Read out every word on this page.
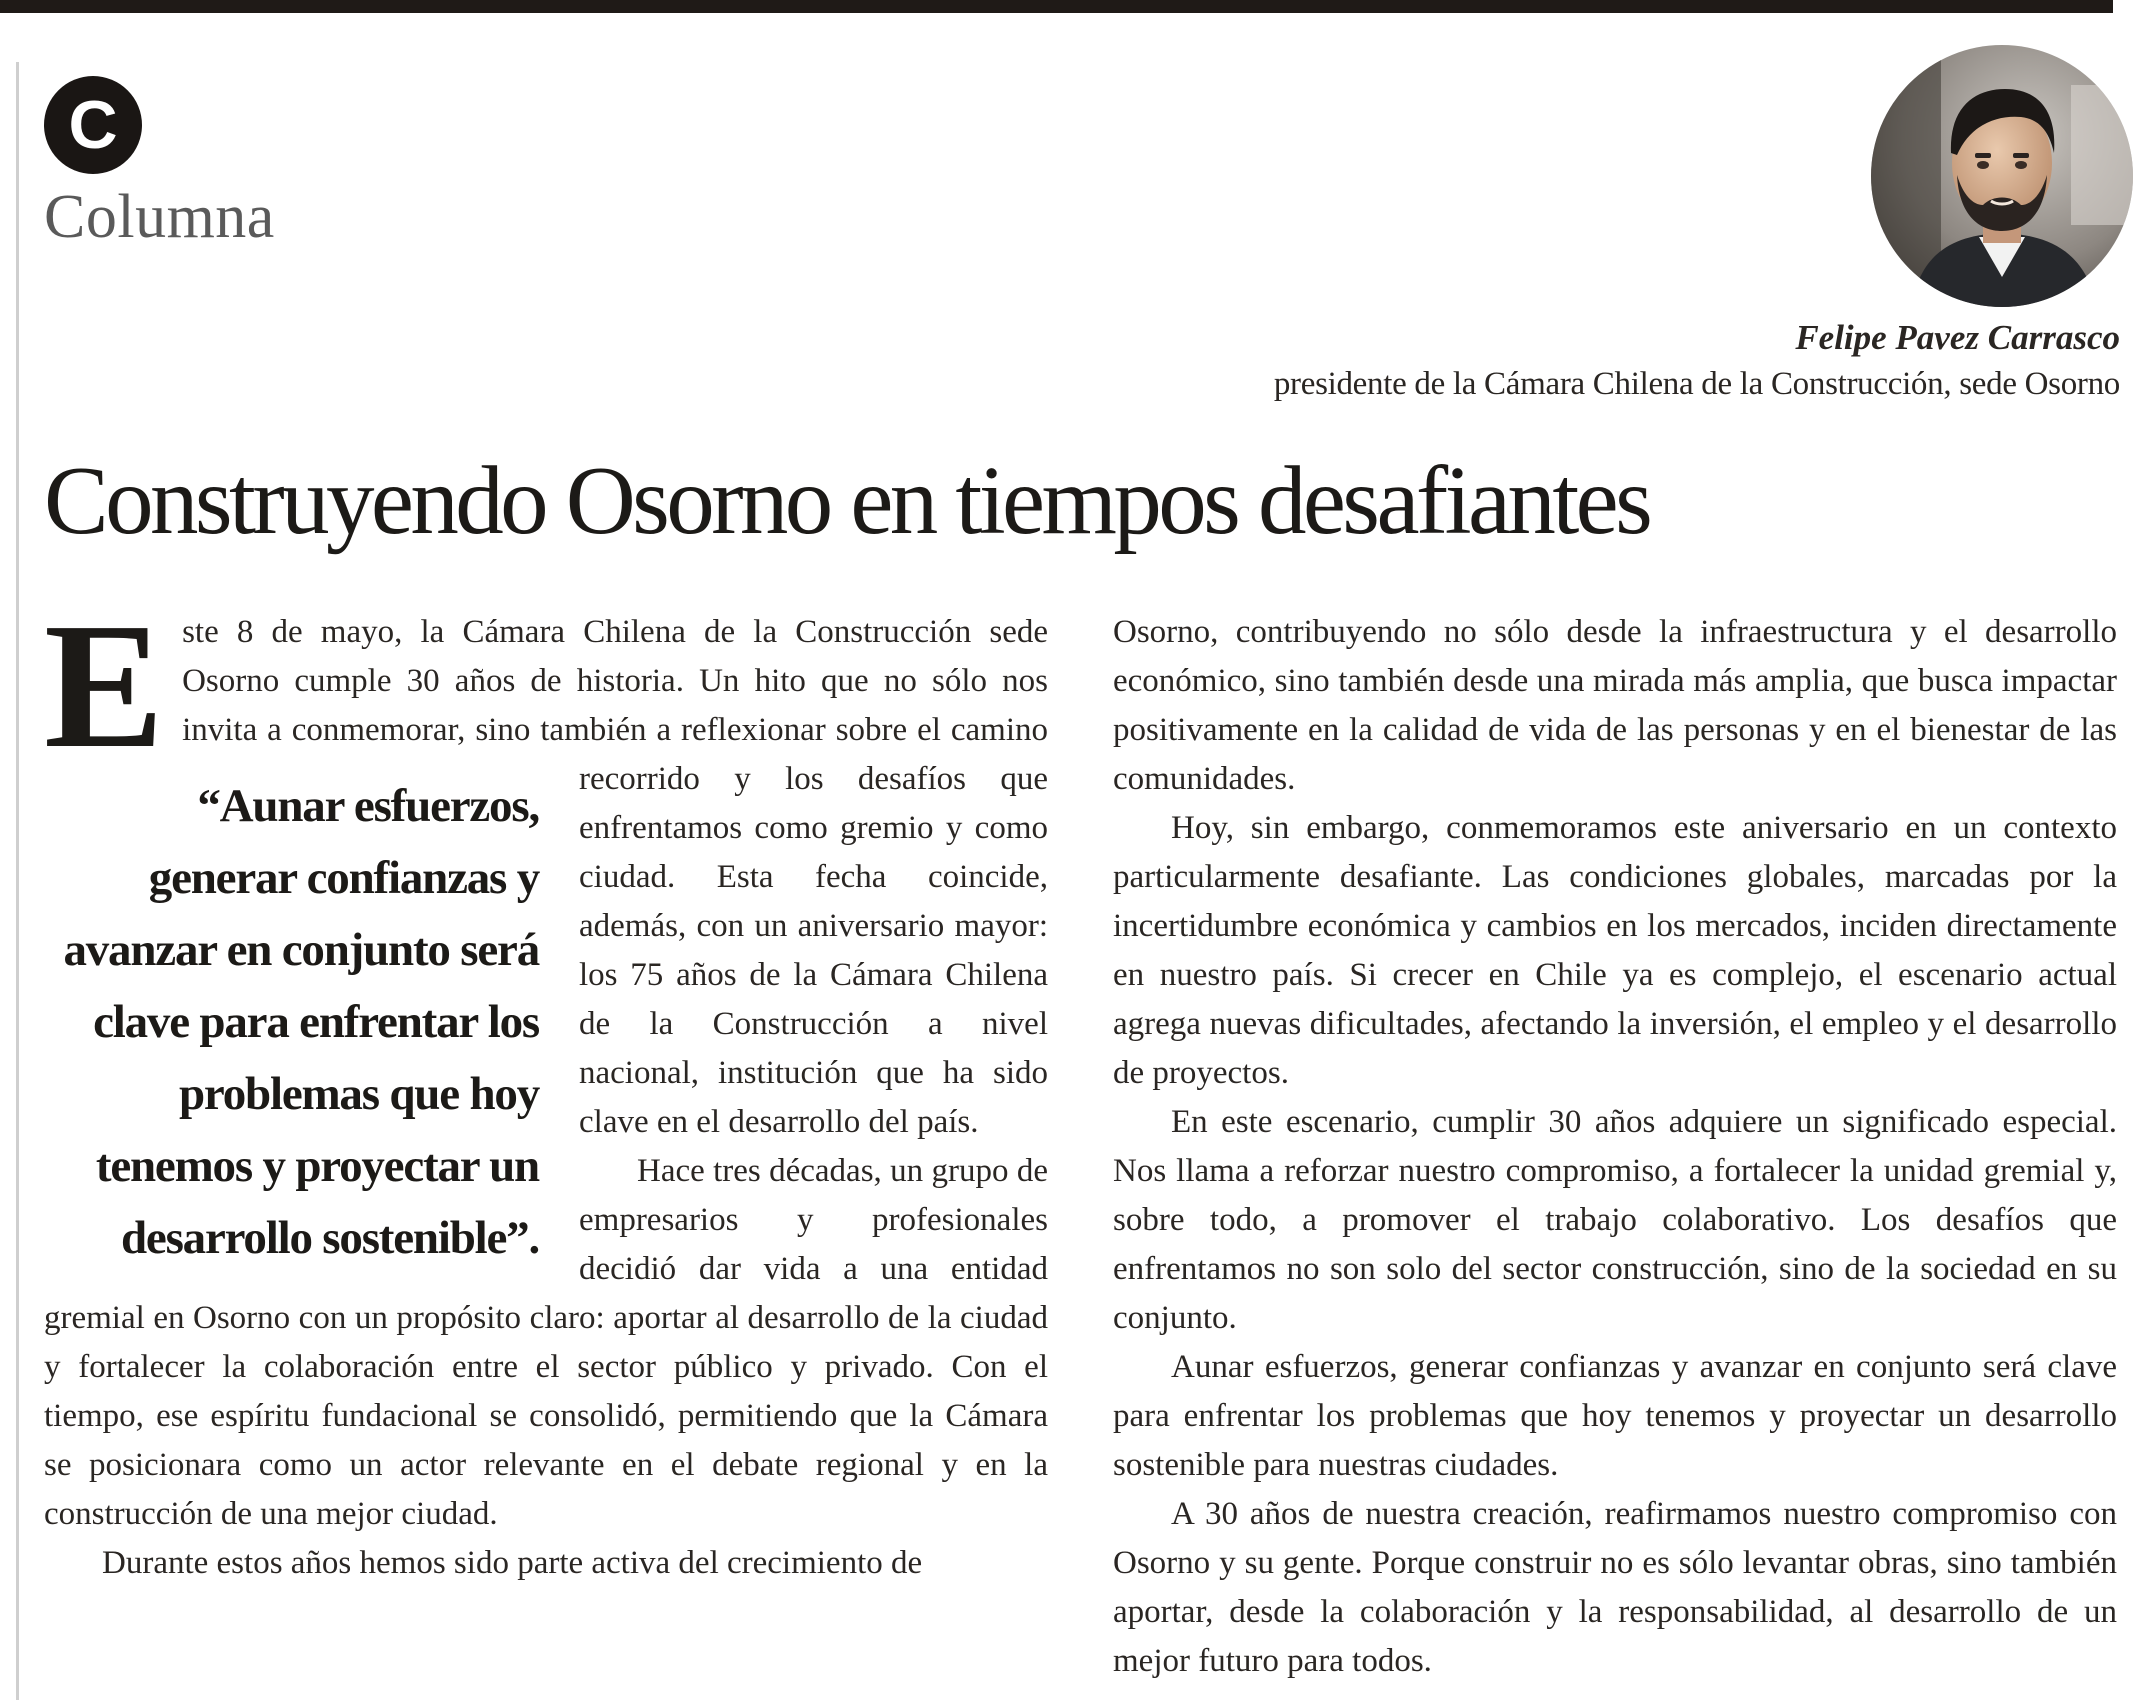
C
Columna
Felipe Pavez Carrasco
presidente de la Cámara Chilena de la Construcción, sede Osorno
Construyendo Osorno en tiempos desafiantes

E
“Aunar esfuerzos, generar confianzas y avanzar en conjunto será clave para enfrentar los problemas que hoy tenemos y proyectar un desarrollo sostenible”.
ste 8 de mayo, la Cámara Chilena de la Construcción sede Osorno cumple 30 años de historia. Un hito que no sólo nos invita a conmemorar, sino también a reflexionar sobre el camino recorrido y los desafíos que enfrentamos como gremio y como ciudad. Esta fecha coincide, además, con un aniversario mayor: los 75 años de la Cámara Chilena de la Construcción a nivel nacional, institución que ha sido clave en el desarrollo del país.

Hace tres décadas, un grupo de empresarios y profesionales decidió dar vida a una entidad gremial en Osorno con un propósito claro: aportar al desarrollo de la ciudad y fortalecer la colaboración entre el sector público y privado. Con el tiempo, ese espíritu fundacional se consolidó, permitiendo que la Cámara se posicionara como un actor relevante en el debate regional y en la construcción de una mejor ciudad.

Durante estos años hemos sido parte activa del crecimiento de

Osorno, contribuyendo no sólo desde la infraestructura y el desarrollo económico, sino también desde una mirada más amplia, que busca impactar positivamente en la calidad de vida de las personas y en el bienestar de las comunidades.

Hoy, sin embargo, conmemoramos este aniversario en un contexto particularmente desafiante. Las condiciones globales, marcadas por la incertidumbre económica y cambios en los mercados, inciden directamente en nuestro país. Si crecer en Chile ya es complejo, el escenario actual agrega nuevas dificultades, afectando la inversión, el empleo y el desarrollo de proyectos.

En este escenario, cumplir 30 años adquiere un significado especial. Nos llama a reforzar nuestro compromiso, a fortalecer la unidad gremial y, sobre todo, a promover el trabajo colaborativo. Los desafíos que enfrentamos no son solo del sector construcción, sino de la sociedad en su conjunto.

Aunar esfuerzos, generar confianzas y avanzar en conjunto será clave para enfrentar los problemas que hoy tenemos y proyectar un desarrollo sostenible para nuestras ciudades.

A 30 años de nuestra creación, reafirmamos nuestro compromiso con Osorno y su gente. Porque construir no es sólo levantar obras, sino también aportar, desde la colaboración y la responsabilidad, al desarrollo de un mejor futuro para todos.
